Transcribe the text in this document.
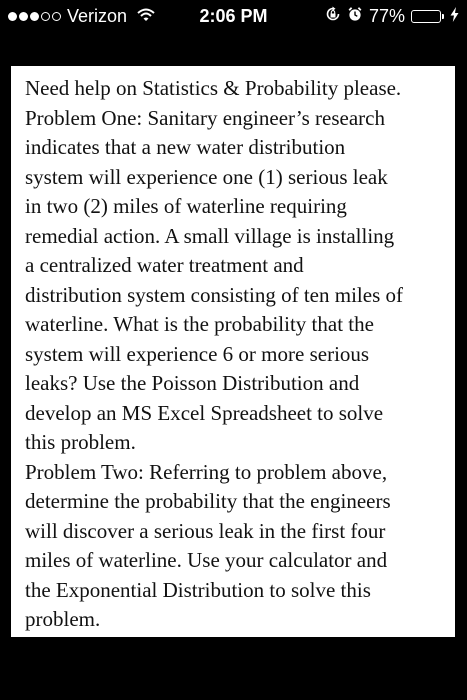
Verizon	2:06 PM	77%

Need help on Statistics & Probability please.
Problem One: Sanitary engineer’s research
indicates that a new water distribution
system will experience one (1) serious leak
in two (2) miles of waterline requiring
remedial action. A small village is installing
a centralized water treatment and
distribution system consisting of ten miles of
waterline. What is the probability that the
system will experience 6 or more serious
leaks? Use the Poisson Distribution and
develop an MS Excel Spreadsheet to solve
this problem.
Problem Two: Referring to problem above,
determine the probability that the engineers
will discover a serious leak in the first four
miles of waterline. Use your calculator and
the Exponential Distribution to solve this
problem.
